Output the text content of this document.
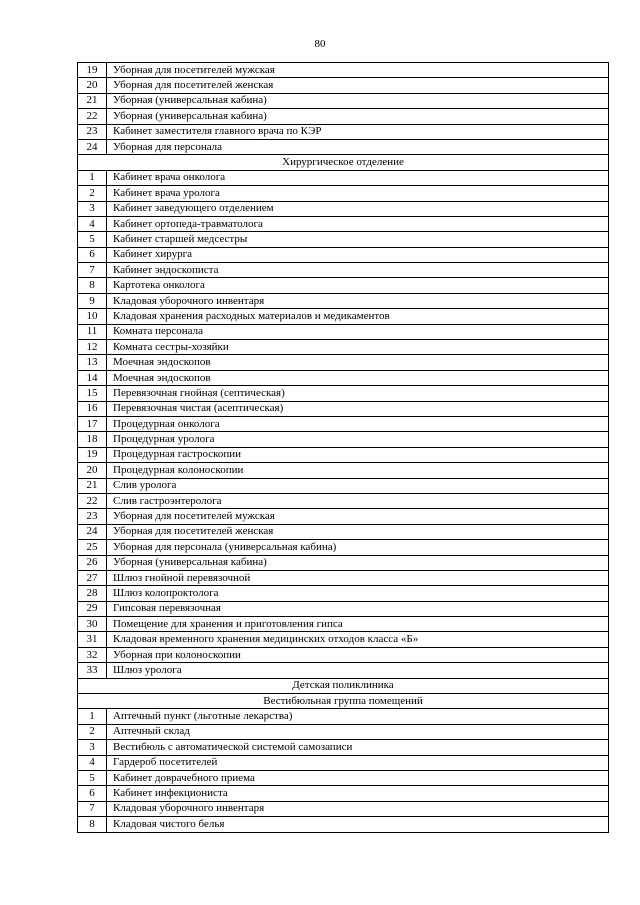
80
19	Уборная для посетителей мужская
20	Уборная для посетителей женская
21	Уборная (универсальная кабина)
22	Уборная (универсальная кабина)
23	Кабинет заместителя главного врача по КЭР
24	Уборная для персонала
Хирургическое отделение	
1	Кабинет врача онколога
2	Кабинет врача уролога
3	Кабинет заведующего отделением
4	Кабинет ортопеда-травматолога
5	Кабинет старшей медсестры
6	Кабинет хирурга
7	Кабинет эндоскописта
8	Картотека онколога
9	Кладовая уборочного инвентаря
10	Кладовая хранения расходных материалов и медикаментов
11	Комната персонала
12	Комната сестры-хозяйки
13	Моечная эндоскопов
14	Моечная эндоскопов
15	Перевязочная гнойная (септическая)
16	Перевязочная чистая (асептическая)
17	Процедурная онколога
18	Процедурная уролога
19	Процедурная гастроскопии
20	Процедурная колоноскопии
21	Слив уролога
22	Слив гастроэнтеролога
23	Уборная для посетителей мужская
24	Уборная для посетителей женская
25	Уборная для персонала (универсальная кабина)
26	Уборная (универсальная кабина)
27	Шлюз гнойной перевязочной
28	Шлюз колопроктолога
29	Гипсовая перевязочная
30	Помещение для хранения и приготовления гипса
31	Кладовая временного хранения медицинских отходов класса «Б»
32	Уборная при колоноскопии
33	Шлюз уролога
Детская поликлиника	
Вестибюльная группа помещений	
1	Аптечный пункт (льготные лекарства)
2	Аптечный склад
3	Вестибюль с автоматической системой самозаписи
4	Гардероб посетителей
5	Кабинет доврачебного приема
6	Кабинет инфекциониста
7	Кладовая уборочного инвентаря
8	Кладовая чистого белья
